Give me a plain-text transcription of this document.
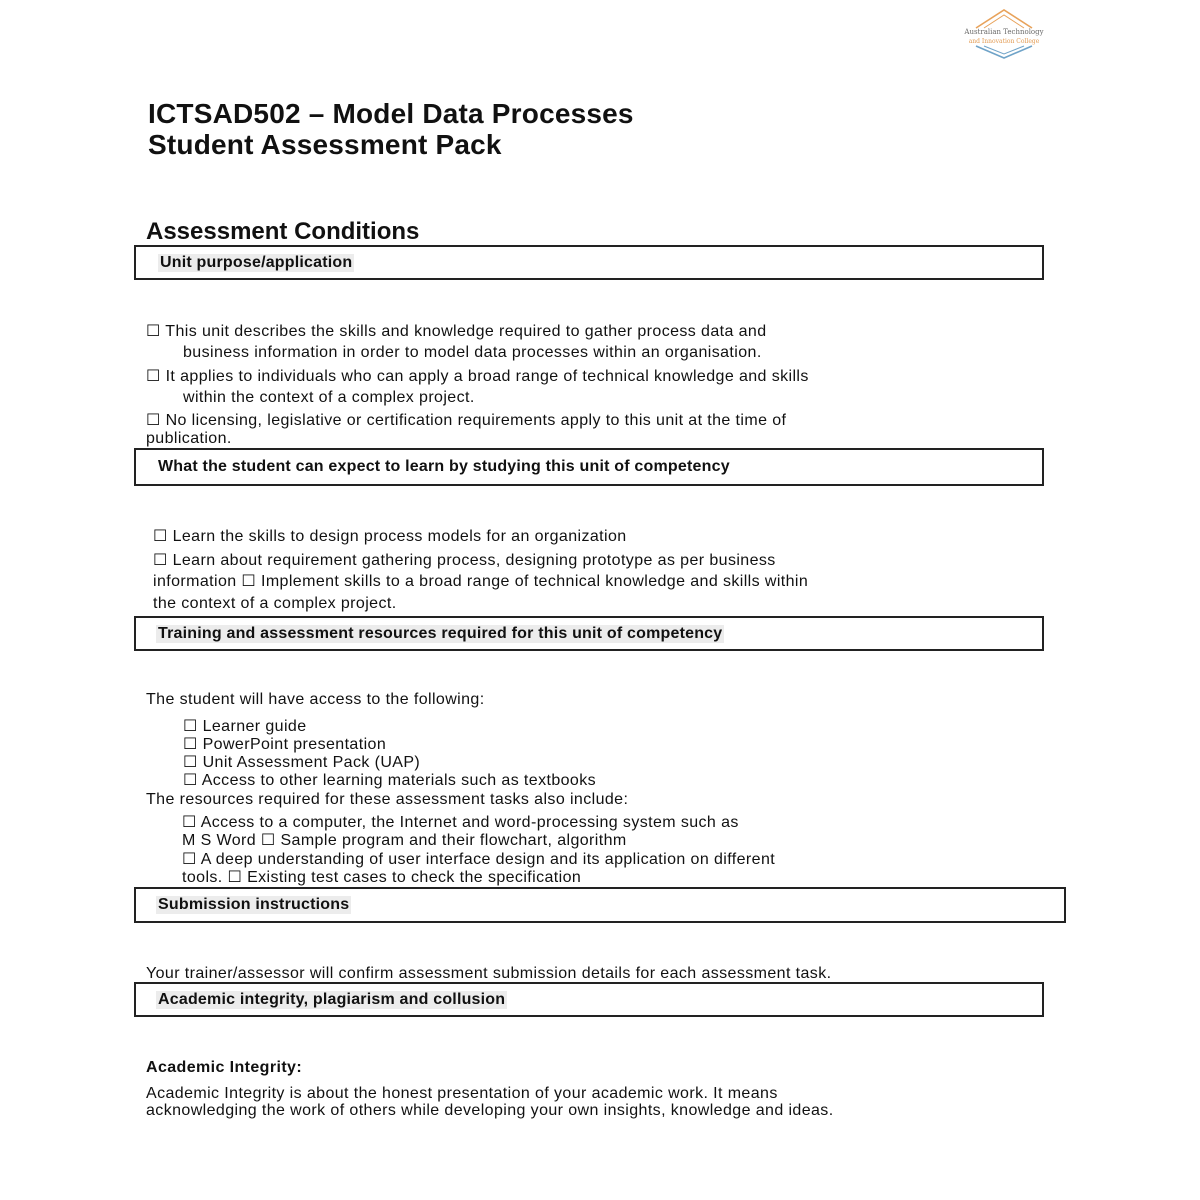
Australian Technology
and Innovation College
ICTSAD502 – Model Data Processes
Student Assessment Pack
Assessment Conditions
Unit purpose/application
☐ This unit describes the skills and knowledge required to gather process data and
business information in order to model data processes within an organisation.
☐ It applies to individuals who can apply a broad range of technical knowledge and skills
within the context of a complex project.
☐ No licensing, legislative or certification requirements apply to this unit at the time of
publication.
What the student can expect to learn by studying this unit of competency
☐ Learn the skills to design process models for an organization
☐ Learn about requirement gathering process, designing prototype as per business
information ☐ Implement skills to a broad range of technical knowledge and skills within
the context of a complex project.
Training and assessment resources required for this unit of competency
The student will have access to the following:
☐ Learner guide
☐ PowerPoint presentation
☐ Unit Assessment Pack (UAP)
☐ Access to other learning materials such as textbooks
The resources required for these assessment tasks also include:
☐ Access to a computer, the Internet and word-processing system such as
M S Word ☐ Sample program and their flowchart, algorithm
☐ A deep understanding of user interface design and its application on different
tools. ☐ Existing test cases to check the specification
Submission instructions
Your trainer/assessor will confirm assessment submission details for each assessment task.
Academic integrity, plagiarism and collusion
Academic Integrity:
Academic Integrity is about the honest presentation of your academic work. It means
acknowledging the work of others while developing your own insights, knowledge and ideas.
